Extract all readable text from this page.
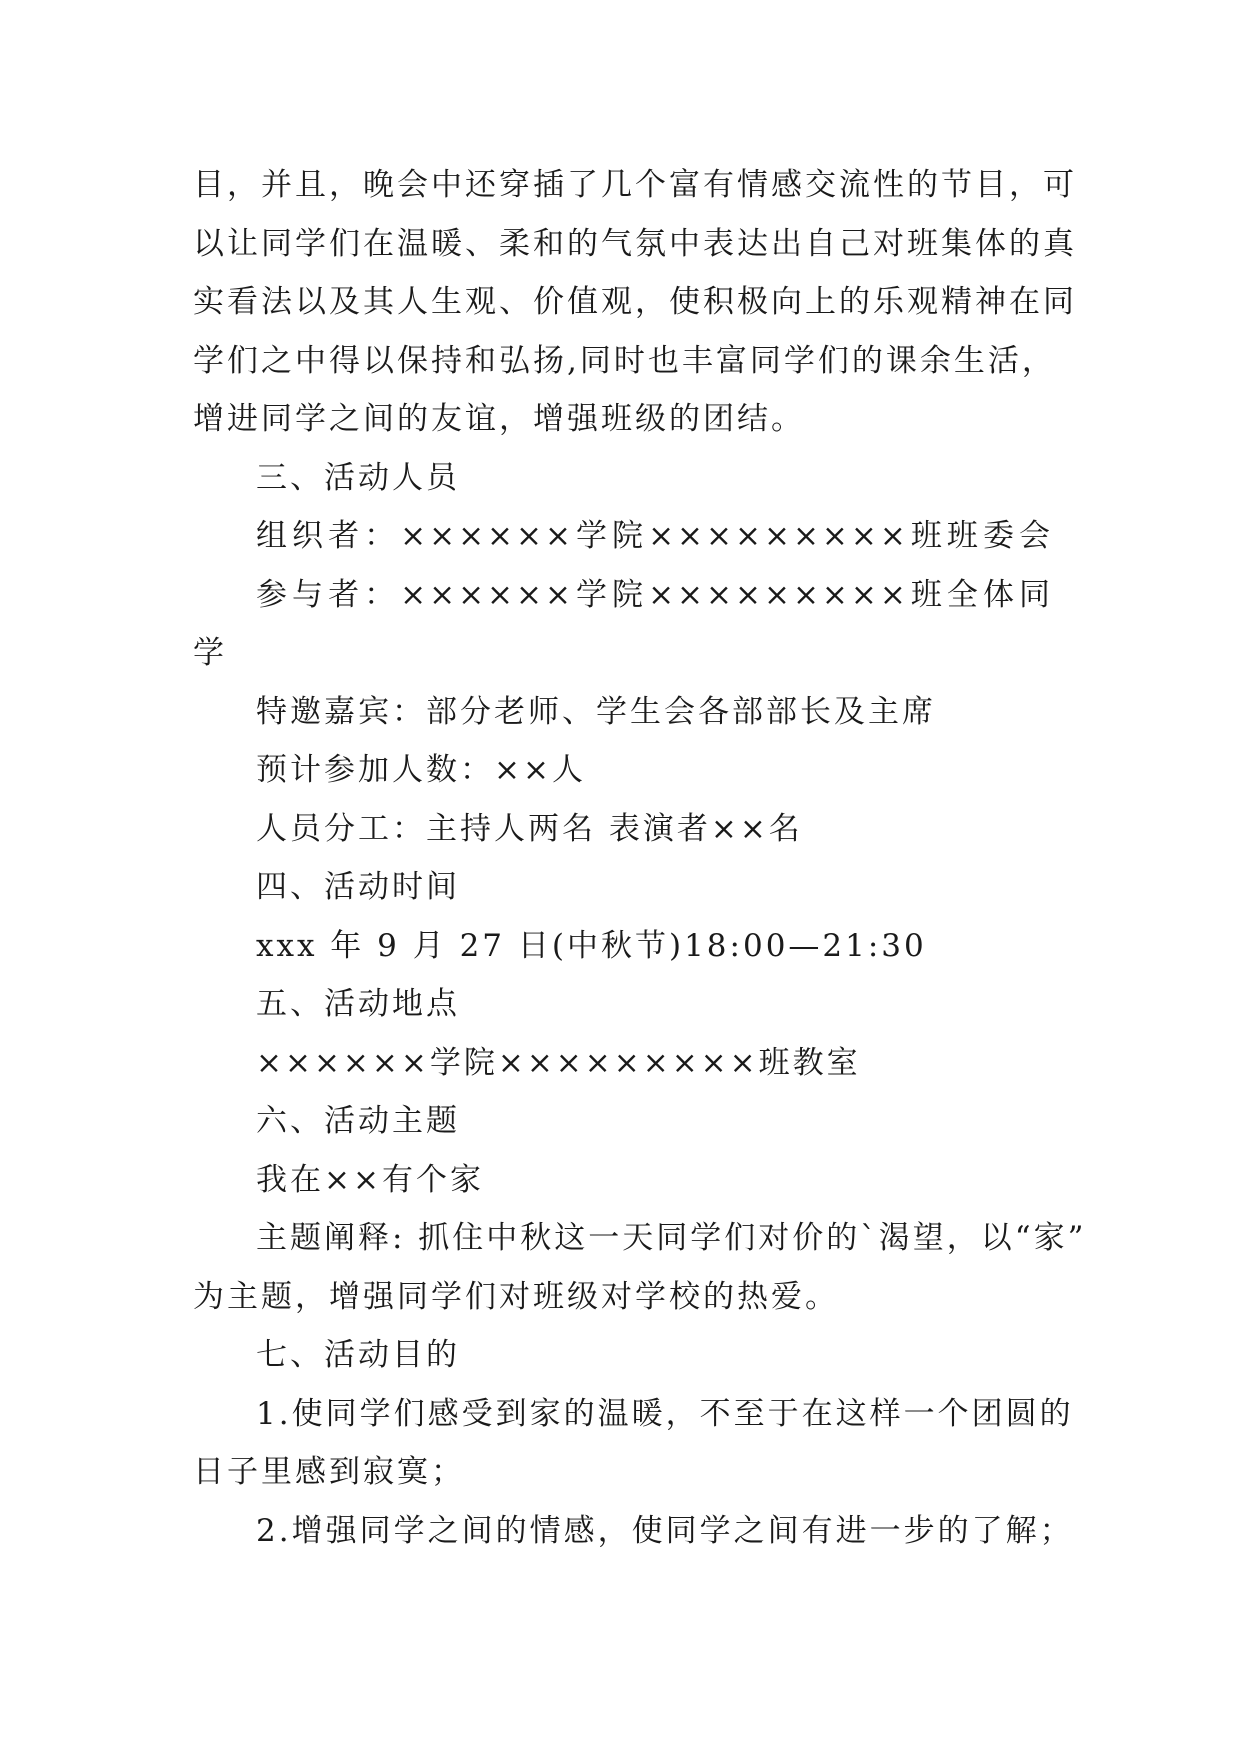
目，并且，晚会中还穿插了几个富有情感交流性的节目，可
以让同学们在温暖、柔和的气氛中表达出自己对班集体的真
实看法以及其人生观、价值观，使积极向上的乐观精神在同
学们之中得以保持和弘扬,同时也丰富同学们的课余生活，
增进同学之间的友谊，增强班级的团结。
三、活动人员
组织者：××××××学院×××××××××班班委会
参与者：××××××学院×××××××××班全体同
学
特邀嘉宾：部分老师、学生会各部部长及主席
预计参加人数：××人
人员分工：主持人两名 表演者××名
四、活动时间
xxx 年 9 月 27 日(中秋节)18:00—21:30
五、活动地点
××××××学院×××××××××班教室
六、活动主题
我在××有个家
主题阐释: 抓住中秋这一天同学们对价的`渴望，以“家”
为主题，增强同学们对班级对学校的热爱。
七、活动目的
1.使同学们感受到家的温暖，不至于在这样一个团圆的
日子里感到寂寞；
2.增强同学之间的情感，使同学之间有进一步的了解；
